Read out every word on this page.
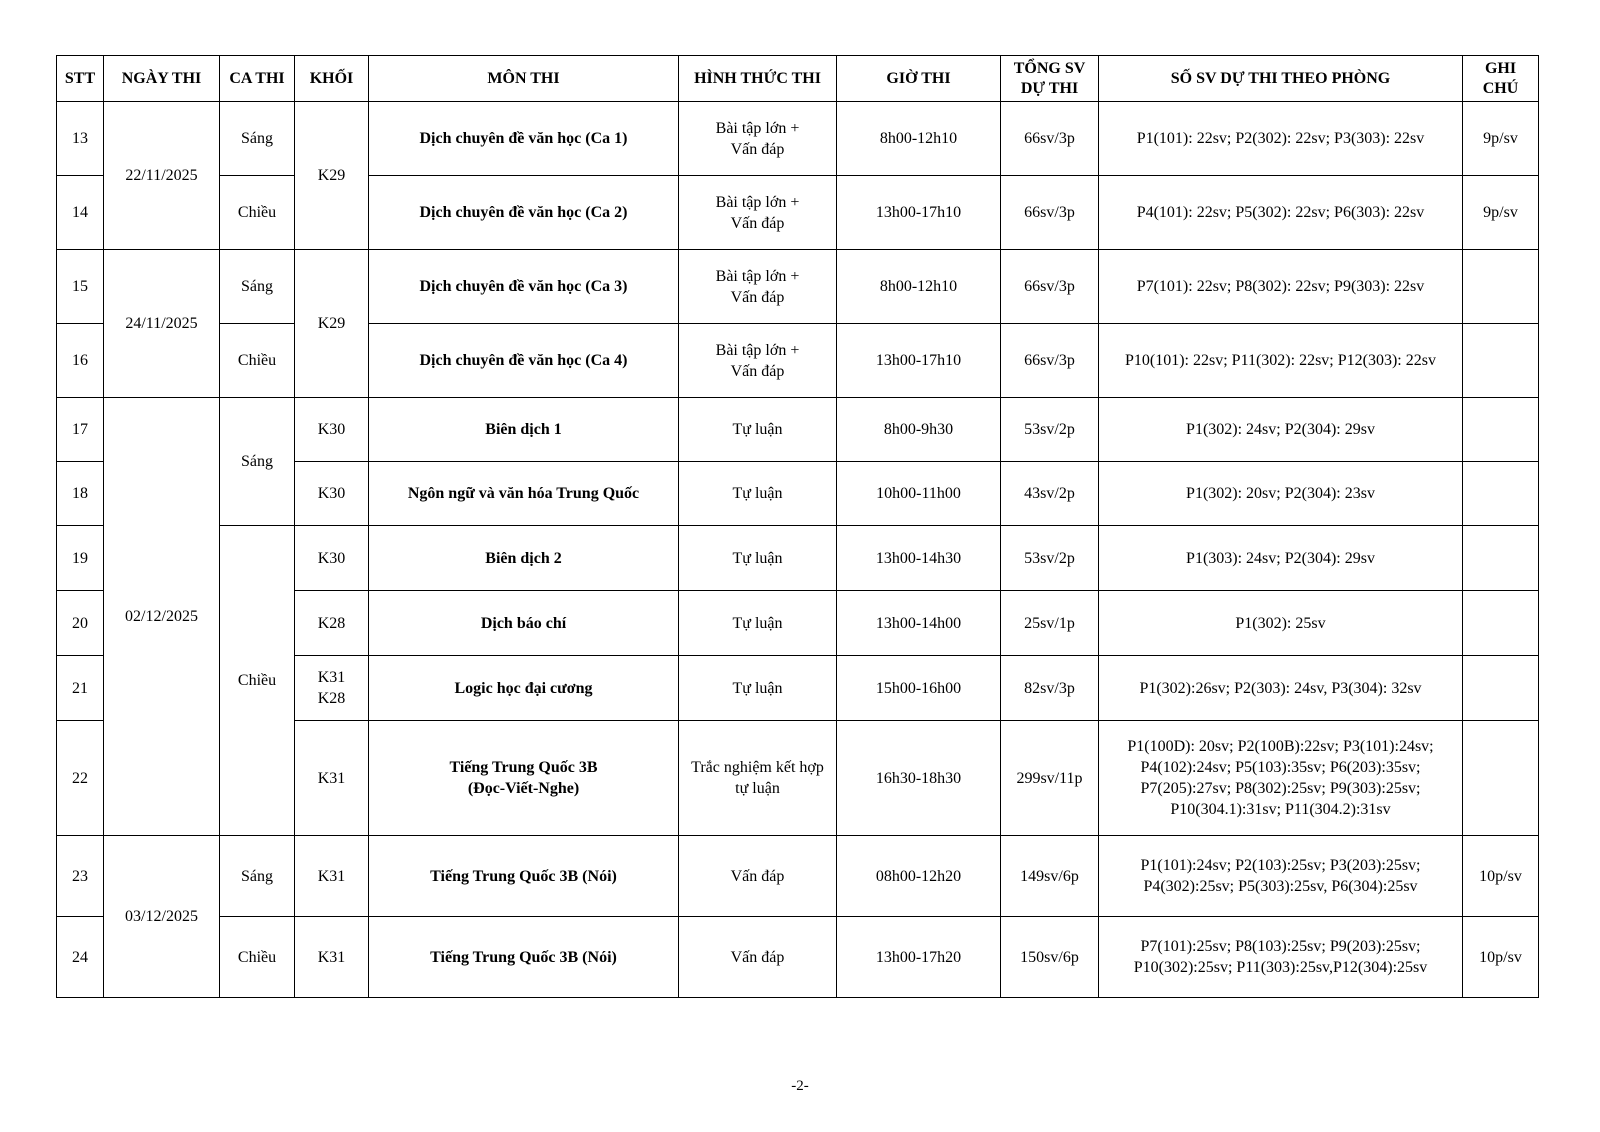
STT	NGÀY THI	CA THI	KHỐI	MÔN THI	HÌNH THỨC THI	GIỜ THI	TỔNG SV
DỰ THI	SỐ SV DỰ THI THEO PHÒNG	GHI
CHÚ
13	22/11/2025	Sáng	K29	Dịch chuyên đề văn học (Ca 1)	Bài tập lớn +
Vấn đáp	8h00-12h10	66sv/3p	P1(101): 22sv; P2(302): 22sv; P3(303): 22sv	9p/sv
14		Chiều		Dịch chuyên đề văn học (Ca 2)	Bài tập lớn +
Vấn đáp	13h00-17h10	66sv/3p	P4(101): 22sv; P5(302): 22sv; P6(303): 22sv	9p/sv
15	24/11/2025	Sáng	K29	Dịch chuyên đề văn học (Ca 3)	Bài tập lớn +
Vấn đáp	8h00-12h10	66sv/3p	P7(101): 22sv; P8(302): 22sv; P9(303): 22sv	
16		Chiều		Dịch chuyên đề văn học (Ca 4)	Bài tập lớn +
Vấn đáp	13h00-17h10	66sv/3p	P10(101): 22sv; P11(302): 22sv; P12(303): 22sv	
17	02/12/2025	Sáng	K30	Biên dịch 1	Tự luận	8h00-9h30	53sv/2p	P1(302): 24sv; P2(304): 29sv	
18			K30	Ngôn ngữ và văn hóa Trung Quốc	Tự luận	10h00-11h00	43sv/2p	P1(302): 20sv; P2(304): 23sv	
19		Chiều	K30	Biên dịch 2	Tự luận	13h00-14h30	53sv/2p	P1(303): 24sv; P2(304): 29sv	
20			K28	Dịch báo chí	Tự luận	13h00-14h00	25sv/1p	P1(302): 25sv	
21			K31
K28	Logic học đại cương	Tự luận	15h00-16h00	82sv/3p	P1(302):26sv; P2(303): 24sv, P3(304): 32sv	
22			K31	Tiếng Trung Quốc 3B
(Đọc-Viết-Nghe)	Trắc nghiệm kết hợp
tự luận	16h30-18h30	299sv/11p	P1(100D): 20sv; P2(100B):22sv; P3(101):24sv;
P4(102):24sv; P5(103):35sv; P6(203):35sv;
P7(205):27sv; P8(302):25sv; P9(303):25sv;
P10(304.1):31sv; P11(304.2):31sv	
23	03/12/2025	Sáng	K31	Tiếng Trung Quốc 3B (Nói)	Vấn đáp	08h00-12h20	149sv/6p	P1(101):24sv; P2(103):25sv; P3(203):25sv;
P4(302):25sv; P5(303):25sv, P6(304):25sv	10p/sv
24		Chiều	K31	Tiếng Trung Quốc 3B (Nói)	Vấn đáp	13h00-17h20	150sv/6p	P7(101):25sv; P8(103):25sv; P9(203):25sv;
P10(302):25sv; P11(303):25sv,P12(304):25sv	10p/sv
-2-
